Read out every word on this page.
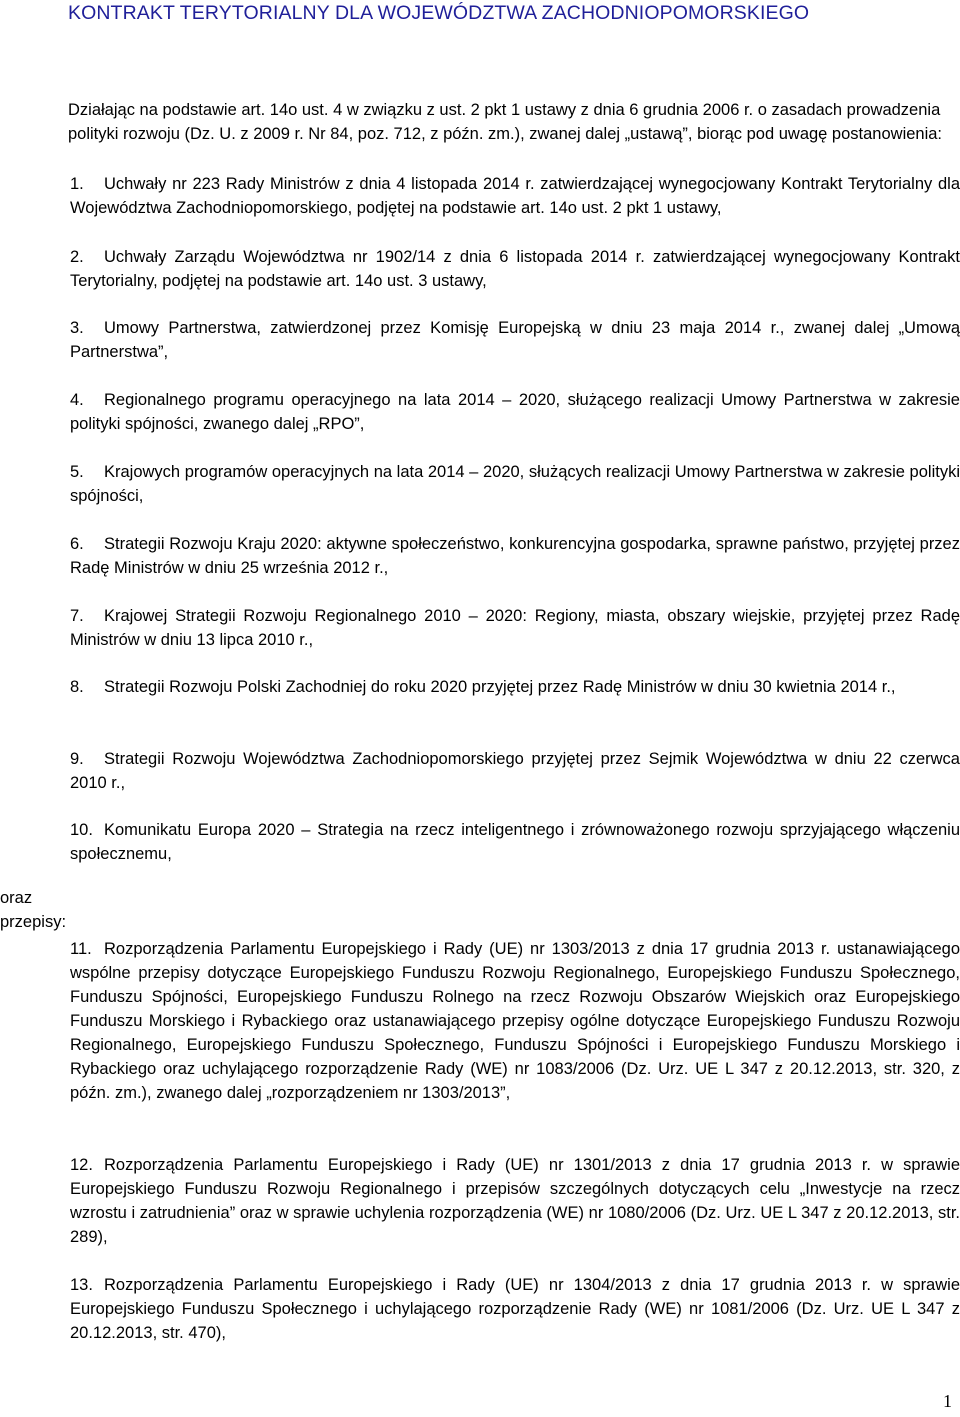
KONTRAKT TERYTORIALNY DLA WOJEWÓDZTWA ZACHODNIOPOMORSKIEGO

Działając na podstawie art. 14o ust. 4 w związku z ust. 2 pkt 1 ustawy z dnia 6 grudnia 2006 r. o zasadach prowadzenia polityki rozwoju (Dz. U. z 2009 r. Nr 84, poz. 712, z późn. zm.), zwanej dalej „ustawą”, biorąc pod uwagę postanowienia:

1. Uchwały nr 223 Rady Ministrów z dnia 4 listopada 2014 r. zatwierdzającej wynegocjowany Kontrakt Terytorialny dla Województwa Zachodniopomorskiego, podjętej na podstawie art. 14o ust. 2 pkt 1 ustawy,

2. Uchwały Zarządu Województwa nr 1902/14 z dnia 6 listopada 2014 r. zatwierdzającej wynegocjowany Kontrakt Terytorialny, podjętej na podstawie art. 14o ust. 3 ustawy,

3. Umowy Partnerstwa, zatwierdzonej przez Komisję Europejską w dniu 23 maja 2014 r., zwanej dalej „Umową Partnerstwa”,

4. Regionalnego programu operacyjnego na lata 2014 – 2020, służącego realizacji Umowy Partnerstwa w zakresie polityki spójności, zwanego dalej „RPO”,

5. Krajowych programów operacyjnych na lata 2014 – 2020, służących realizacji Umowy Partnerstwa w zakresie polityki spójności,

6. Strategii Rozwoju Kraju 2020: aktywne społeczeństwo, konkurencyjna gospodarka, sprawne państwo, przyjętej przez Radę Ministrów w dniu 25 września 2012 r.,

7. Krajowej Strategii Rozwoju Regionalnego 2010 – 2020: Regiony, miasta, obszary wiejskie, przyjętej przez Radę Ministrów w dniu 13 lipca 2010 r.,

8. Strategii Rozwoju Polski Zachodniej do roku 2020 przyjętej przez Radę Ministrów w dniu 30 kwietnia 2014 r.,

9. Strategii Rozwoju Województwa Zachodniopomorskiego przyjętej przez Sejmik Województwa w dniu 22 czerwca 2010 r.,

10. Komunikatu Europa 2020 – Strategia na rzecz inteligentnego i zrównoważonego rozwoju sprzyjającego włączeniu społecznemu,

oraz przepisy:

11. Rozporządzenia Parlamentu Europejskiego i Rady (UE) nr 1303/2013 z dnia 17 grudnia 2013 r. ustanawiającego wspólne przepisy dotyczące Europejskiego Funduszu Rozwoju Regionalnego, Europejskiego Funduszu Społecznego, Funduszu Spójności, Europejskiego Funduszu Rolnego na rzecz Rozwoju Obszarów Wiejskich oraz Europejskiego Funduszu Morskiego i Rybackiego oraz ustanawiającego przepisy ogólne dotyczące Europejskiego Funduszu Rozwoju Regionalnego, Europejskiego Funduszu Społecznego, Funduszu Spójności i Europejskiego Funduszu Morskiego i Rybackiego oraz uchylającego rozporządzenie Rady (WE) nr 1083/2006 (Dz. Urz. UE L 347 z 20.12.2013, str. 320, z późn. zm.), zwanego dalej „rozporządzeniem nr 1303/2013”,

12. Rozporządzenia Parlamentu Europejskiego i Rady (UE) nr 1301/2013 z dnia 17 grudnia 2013 r. w sprawie Europejskiego Funduszu Rozwoju Regionalnego i przepisów szczególnych dotyczących celu „Inwestycje na rzecz wzrostu i zatrudnienia” oraz w sprawie uchylenia rozporządzenia (WE) nr 1080/2006 (Dz. Urz. UE L 347 z 20.12.2013, str. 289),

13. Rozporządzenia Parlamentu Europejskiego i Rady (UE) nr 1304/2013 z dnia 17 grudnia 2013 r. w sprawie Europejskiego Funduszu Społecznego i uchylającego rozporządzenie Rady (WE) nr 1081/2006 (Dz. Urz. UE L 347 z 20.12.2013, str. 470),

1
